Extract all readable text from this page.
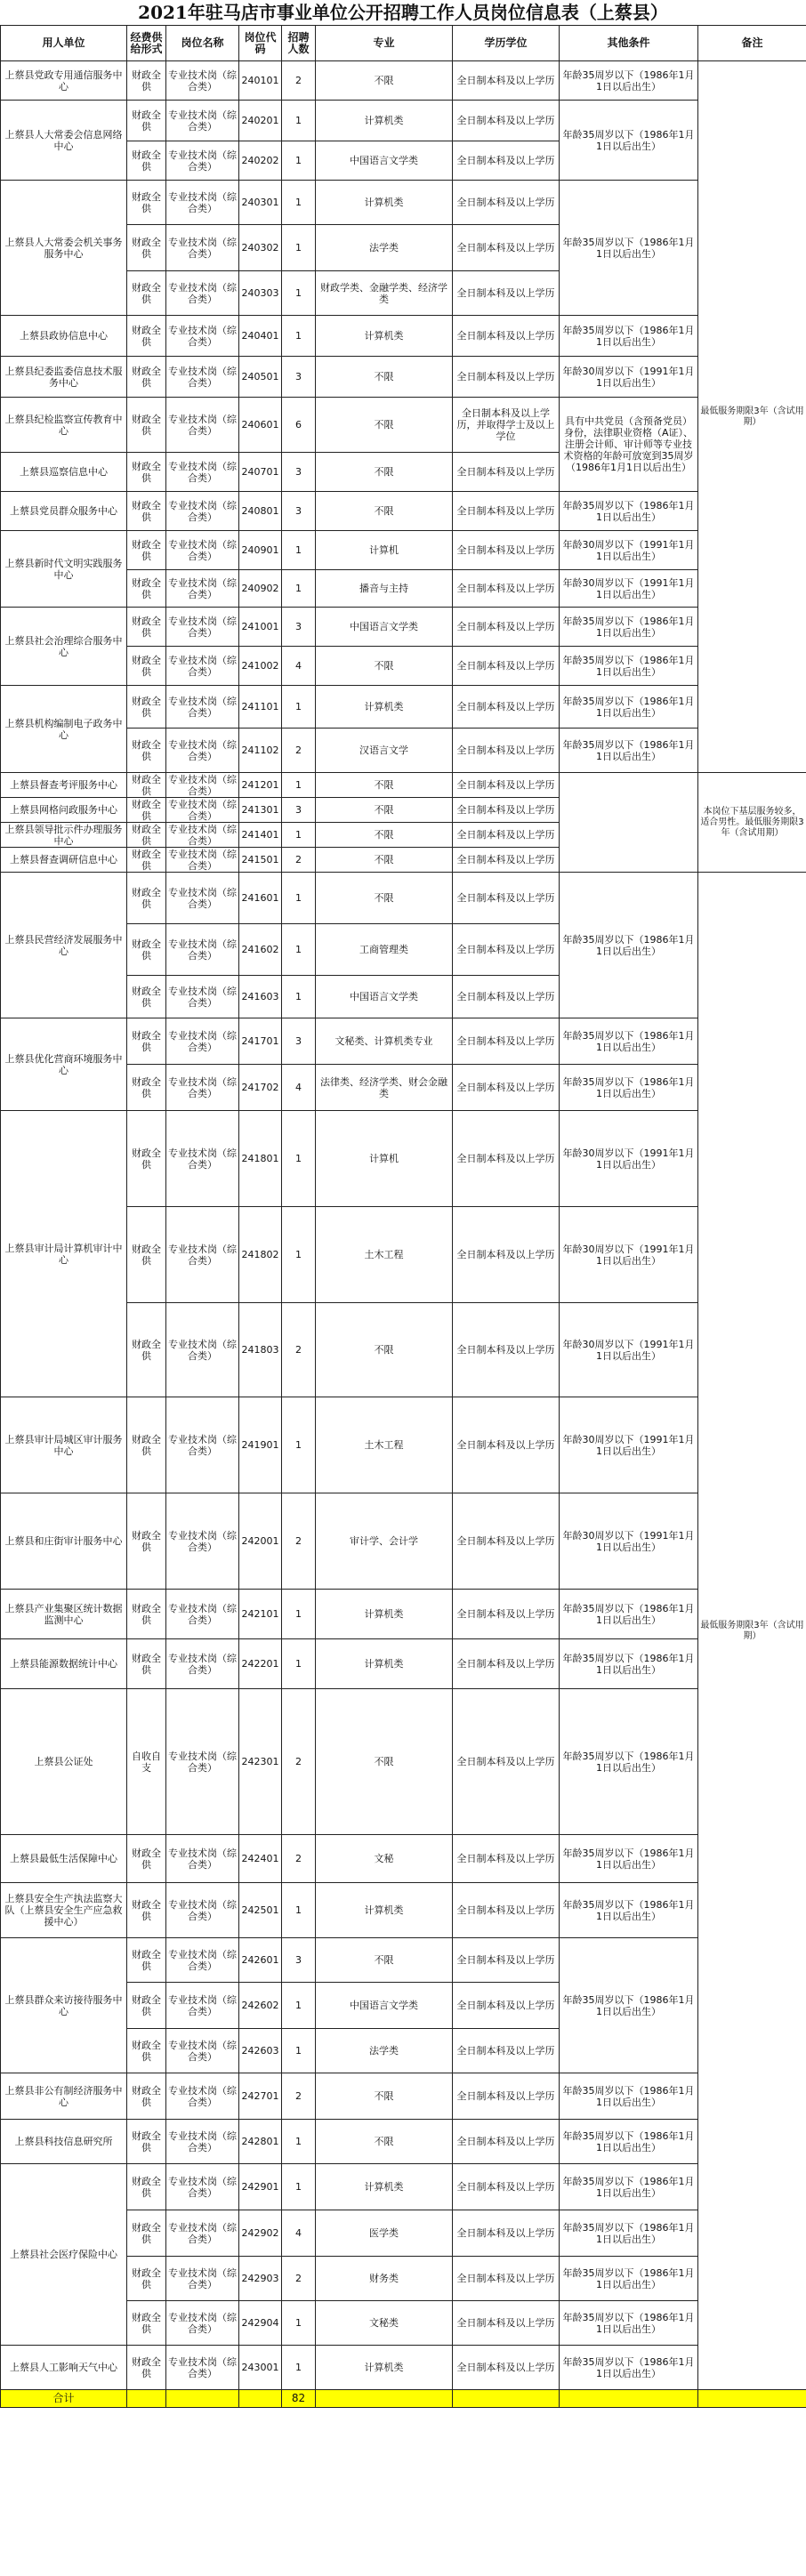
2021年驻马店市事业单位公开招聘工作人员岗位信息表（上蔡县）
用人单位	经费供给形式	岗位名称	岗位代码	招聘人数	专业	学历学位	其他条件	备注
上蔡县党政专用通信服务中心	财政全供	专业技术岗（综合类）	240101	2	不限	全日制本科及以上学历	年龄35周岁以下（1986年1月1日以后出生）	最低服务期限3年（含试用期）
上蔡县人大常委会信息网络中心	财政全供	专业技术岗（综合类）	240201	1	计算机类	全日制本科及以上学历	年龄35周岁以下（1986年1月1日以后出生）	
	财政全供	专业技术岗（综合类）	240202	1	中国语言文学类	全日制本科及以上学历		
上蔡县人大常委会机关事务服务中心	财政全供	专业技术岗（综合类）	240301	1	计算机类	全日制本科及以上学历	年龄35周岁以下（1986年1月1日以后出生）	
	财政全供	专业技术岗（综合类）	240302	1	法学类	全日制本科及以上学历		
	财政全供	专业技术岗（综合类）	240303	1	财政学类、金融学类、经济学类	全日制本科及以上学历		
上蔡县政协信息中心	财政全供	专业技术岗（综合类）	240401	1	计算机类	全日制本科及以上学历	年龄35周岁以下（1986年1月1日以后出生）	
上蔡县纪委监委信息技术服务中心	财政全供	专业技术岗（综合类）	240501	3	不限	全日制本科及以上学历	年龄30周岁以下（1991年1月1日以后出生）	
上蔡县纪检监察宣传教育中心	财政全供	专业技术岗（综合类）	240601	6	不限	全日制本科及以上学历，并取得学士及以上学位	具有中共党员（含预备党员）身份，法律职业资格（A证）、注册会计师、审计师等专业技术资格的年龄可放宽到35周岁（1986年1月1日以后出生）	
上蔡县巡察信息中心	财政全供	专业技术岗（综合类）	240701	3	不限	全日制本科及以上学历		
上蔡县党员群众服务中心	财政全供	专业技术岗（综合类）	240801	3	不限	全日制本科及以上学历	年龄35周岁以下（1986年1月1日以后出生）	
上蔡县新时代文明实践服务中心	财政全供	专业技术岗（综合类）	240901	1	计算机	全日制本科及以上学历	年龄30周岁以下（1991年1月1日以后出生）	
	财政全供	专业技术岗（综合类）	240902	1	播音与主持	全日制本科及以上学历	年龄30周岁以下（1991年1月1日以后出生）	
上蔡县社会治理综合服务中心	财政全供	专业技术岗（综合类）	241001	3	中国语言文学类	全日制本科及以上学历	年龄35周岁以下（1986年1月1日以后出生）	
	财政全供	专业技术岗（综合类）	241002	4	不限	全日制本科及以上学历	年龄35周岁以下（1986年1月1日以后出生）	
上蔡县机构编制电子政务中心	财政全供	专业技术岗（综合类）	241101	1	计算机类	全日制本科及以上学历	年龄35周岁以下（1986年1月1日以后出生）	
	财政全供	专业技术岗（综合类）	241102	2	汉语言文学	全日制本科及以上学历	年龄35周岁以下（1986年1月1日以后出生）	
上蔡县督查考评服务中心	财政全供	专业技术岗（综合类）	241201	1	不限	全日制本科及以上学历		本岗位下基层服务较多，适合男性。最低服务期限3年（含试用期）
上蔡县网格问政服务中心	财政全供	专业技术岗（综合类）	241301	3	不限	全日制本科及以上学历		
上蔡县领导批示件办理服务中心	财政全供	专业技术岗（综合类）	241401	1	不限	全日制本科及以上学历		
上蔡县督查调研信息中心	财政全供	专业技术岗（综合类）	241501	2	不限	全日制本科及以上学历		
上蔡县民营经济发展服务中心	财政全供	专业技术岗（综合类）	241601	1	不限	全日制本科及以上学历	年龄35周岁以下（1986年1月1日以后出生）	最低服务期限3年（含试用期）
	财政全供	专业技术岗（综合类）	241602	1	工商管理类	全日制本科及以上学历		
	财政全供	专业技术岗（综合类）	241603	1	中国语言文学类	全日制本科及以上学历		
上蔡县优化营商环境服务中心	财政全供	专业技术岗（综合类）	241701	3	文秘类、计算机类专业	全日制本科及以上学历	年龄35周岁以下（1986年1月1日以后出生）	
	财政全供	专业技术岗（综合类）	241702	4	法律类、经济学类、财会金融类	全日制本科及以上学历	年龄35周岁以下（1986年1月1日以后出生）	
上蔡县审计局计算机审计中心	财政全供	专业技术岗（综合类）	241801	1	计算机	全日制本科及以上学历	年龄30周岁以下（1991年1月1日以后出生）	
	财政全供	专业技术岗（综合类）	241802	1	土木工程	全日制本科及以上学历	年龄30周岁以下（1991年1月1日以后出生）	
	财政全供	专业技术岗（综合类）	241803	2	不限	全日制本科及以上学历	年龄30周岁以下（1991年1月1日以后出生）	
上蔡县审计局城区审计服务中心	财政全供	专业技术岗（综合类）	241901	1	土木工程	全日制本科及以上学历	年龄30周岁以下（1991年1月1日以后出生）	
上蔡县和庄街审计服务中心	财政全供	专业技术岗（综合类）	242001	2	审计学、会计学	全日制本科及以上学历	年龄30周岁以下（1991年1月1日以后出生）	
上蔡县产业集聚区统计数据监测中心	财政全供	专业技术岗（综合类）	242101	1	计算机类	全日制本科及以上学历	年龄35周岁以下（1986年1月1日以后出生）	
上蔡县能源数据统计中心	财政全供	专业技术岗（综合类）	242201	1	计算机类	全日制本科及以上学历	年龄35周岁以下（1986年1月1日以后出生）	
上蔡县公证处	自收自支	专业技术岗（综合类）	242301	2	不限	全日制本科及以上学历	年龄35周岁以下（1986年1月1日以后出生）	
上蔡县最低生活保障中心	财政全供	专业技术岗（综合类）	242401	2	文秘	全日制本科及以上学历	年龄35周岁以下（1986年1月1日以后出生）	
上蔡县安全生产执法监察大队（上蔡县安全生产应急救援中心）	财政全供	专业技术岗（综合类）	242501	1	计算机类	全日制本科及以上学历	年龄35周岁以下（1986年1月1日以后出生）	
上蔡县群众来访接待服务中心	财政全供	专业技术岗（综合类）	242601	3	不限	全日制本科及以上学历	年龄35周岁以下（1986年1月1日以后出生）	
	财政全供	专业技术岗（综合类）	242602	1	中国语言文学类	全日制本科及以上学历		
	财政全供	专业技术岗（综合类）	242603	1	法学类	全日制本科及以上学历		
上蔡县非公有制经济服务中心	财政全供	专业技术岗（综合类）	242701	2	不限	全日制本科及以上学历	年龄35周岁以下（1986年1月1日以后出生）	
上蔡县科技信息研究所	财政全供	专业技术岗（综合类）	242801	1	不限	全日制本科及以上学历	年龄35周岁以下（1986年1月1日以后出生）	
上蔡县社会医疗保险中心	财政全供	专业技术岗（综合类）	242901	1	计算机类	全日制本科及以上学历	年龄35周岁以下（1986年1月1日以后出生）	
	财政全供	专业技术岗（综合类）	242902	4	医学类	全日制本科及以上学历	年龄35周岁以下（1986年1月1日以后出生）	
	财政全供	专业技术岗（综合类）	242903	2	财务类	全日制本科及以上学历	年龄35周岁以下（1986年1月1日以后出生）	
	财政全供	专业技术岗（综合类）	242904	1	文秘类	全日制本科及以上学历	年龄35周岁以下（1986年1月1日以后出生）	
上蔡县人工影响天气中心	财政全供	专业技术岗（综合类）	243001	1	计算机类	全日制本科及以上学历	年龄35周岁以下（1986年1月1日以后出生）	
合计				82				
